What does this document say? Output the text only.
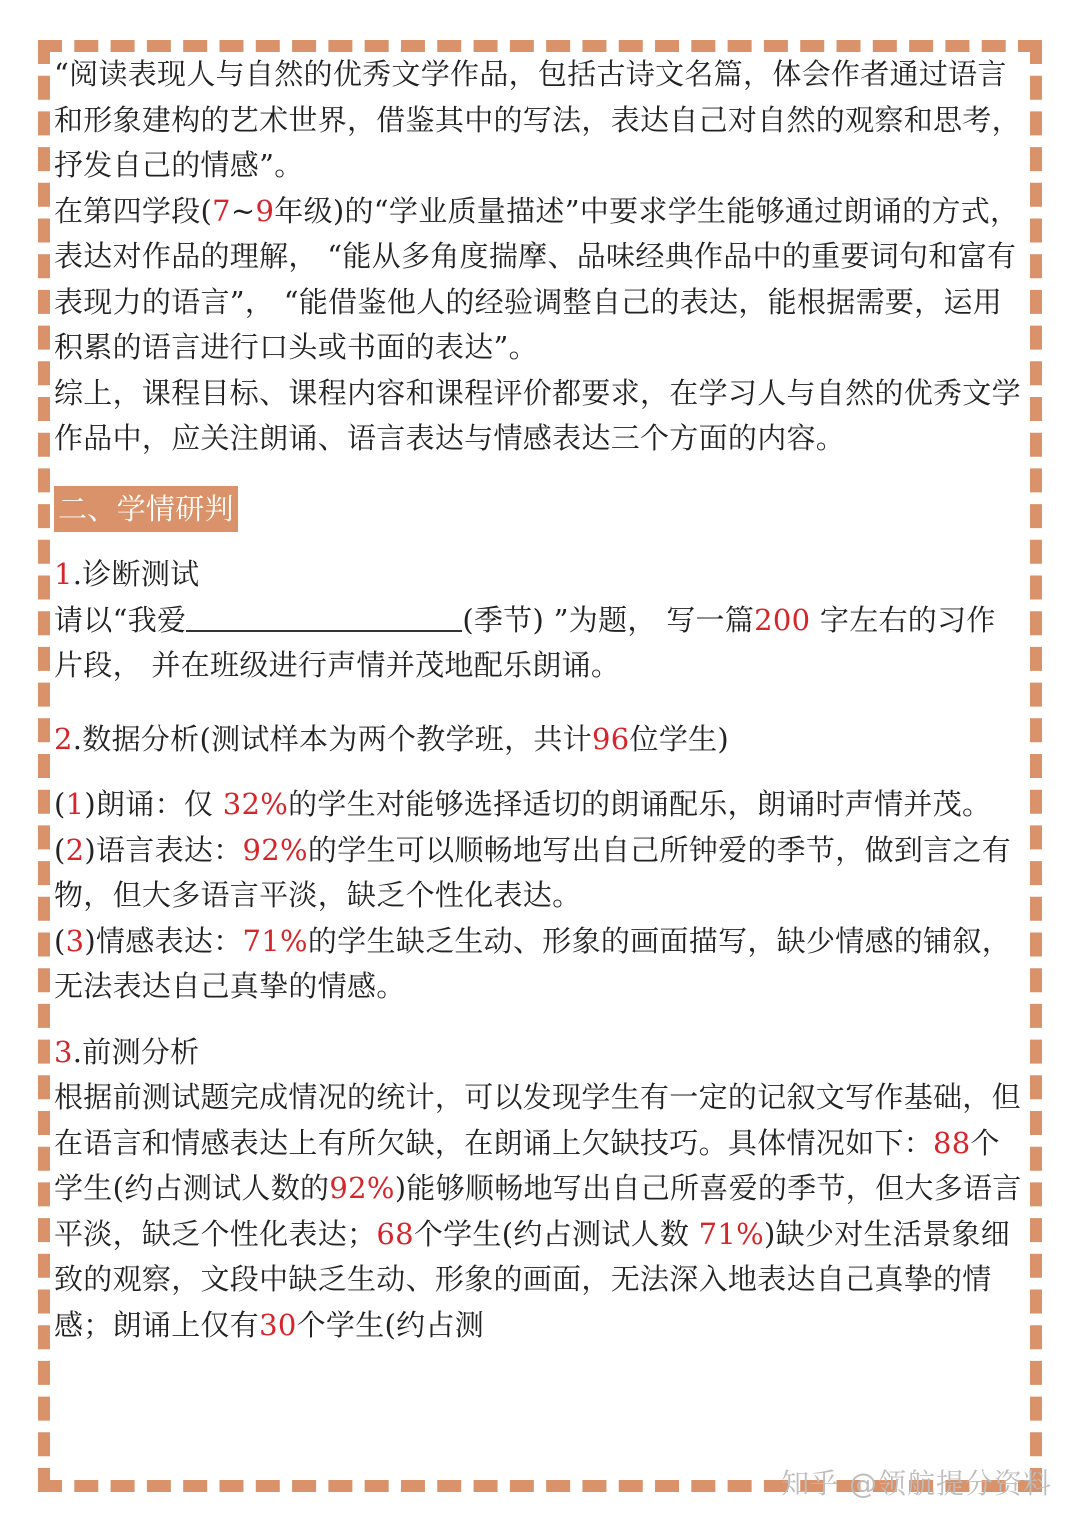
“阅读表现人与自然的优秀文学作品，包括古诗文名篇，体会作者通过语言和形象建构的艺术世界，借鉴其中的写法，表达自己对自然的观察和思考，抒发自己的情感”。

在第四学段(7~9年级)的“学业质量描述”中要求学生能够通过朗诵的方式，表达对作品的理解， “能从多角度揣摩、品味经典作品中的重要词句和富有表现力的语言”， “能借鉴他人的经验调整自己的表达，能根据需要，运用积累的语言进行口头或书面的表达”。

综上，课程目标、课程内容和课程评价都要求，在学习人与自然的优秀文学作品中，应关注朗诵、语言表达与情感表达三个方面的内容。

二、学情研判

1.诊断测试

请以“我爱	(季节) ”为题， 写一篇200 字左右的习作片段， 并在班级进行声情并茂地配乐朗诵。

2.数据分析(测试样本为两个教学班，共计96位学生)

(1)朗诵：仅 32%的学生对能够选择适切的朗诵配乐，朗诵时声情并茂。

(2)语言表达：92%的学生可以顺畅地写出自己所钟爱的季节，做到言之有物，但大多语言平淡，缺乏个性化表达。

(3)情感表达：71%的学生缺乏生动、形象的画面描写，缺少情感的铺叙，无法表达自己真挚的情感。

3.前测分析

根据前测试题完成情况的统计，可以发现学生有一定的记叙文写作基础，但在语言和情感表达上有所欠缺，在朗诵上欠缺技巧。具体情况如下：88个学生(约占测试人数的92%)能够顺畅地写出自己所喜爱的季节，但大多语言平淡，缺乏个性化表达；68个学生(约占测试人数 71%)缺少对生活景象细致的观察，文段中缺乏生动、形象的画面，无法深入地表达自己真挚的情感；朗诵上仅有30个学生(约占测

知乎 @领航提分资料
